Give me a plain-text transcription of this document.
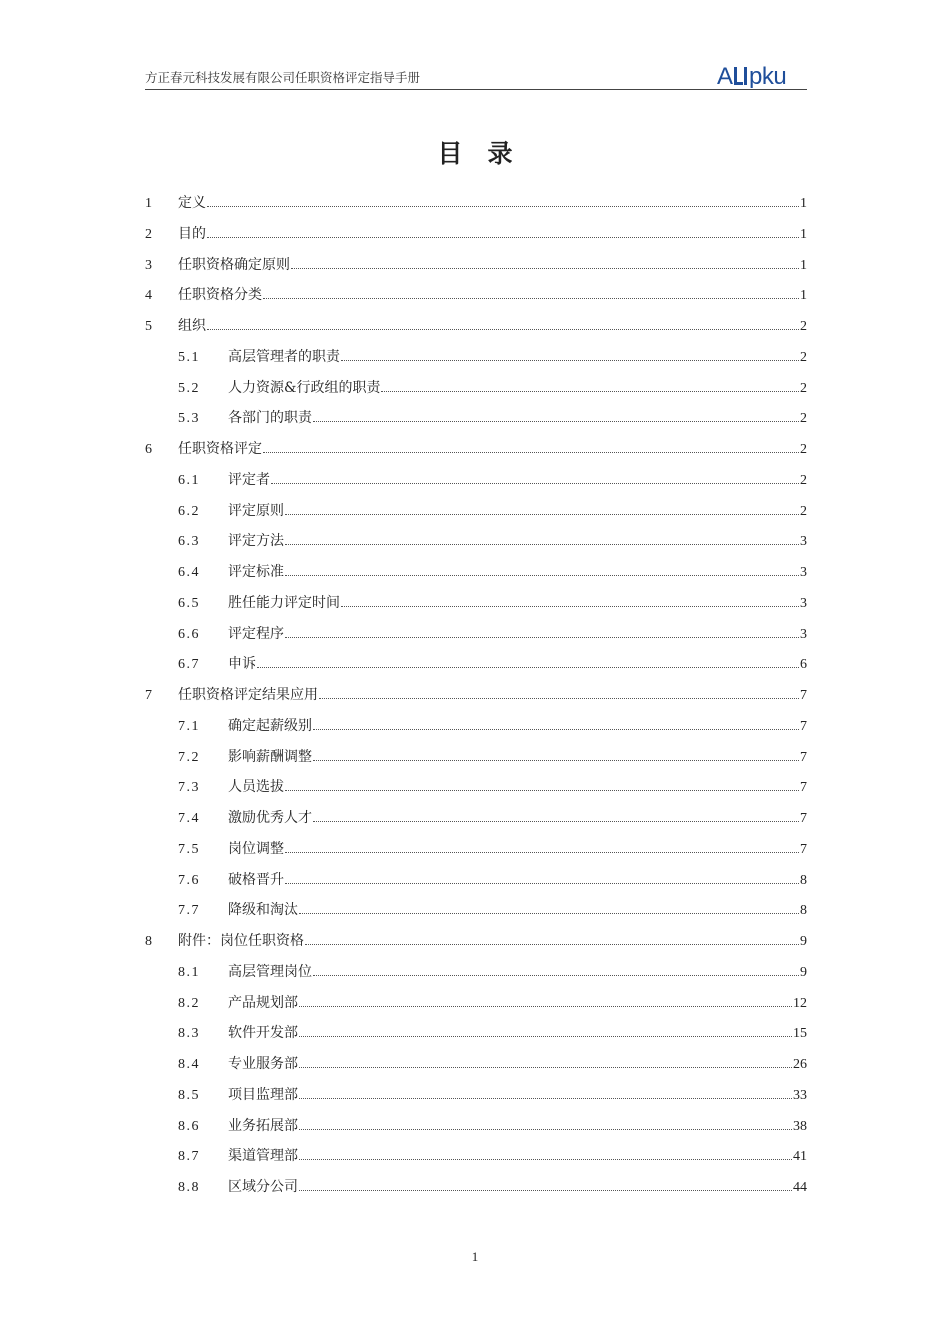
方正春元科技发展有限公司任职资格评定指导手册	A pku
目　录
1	定义	1
2	目的	1
3	任职资格确定原则	1
4	任职资格分类	1
5	组织	2
5.1	高层管理者的职责	2
5.2	人力资源&行政组的职责	2
5.3	各部门的职责	2
6	任职资格评定	2
6.1	评定者	2
6.2	评定原则	2
6.3	评定方法	3
6.4	评定标准	3
6.5	胜任能力评定时间	3
6.6	评定程序	3
6.7	申诉	6
7	任职资格评定结果应用	7
7.1	确定起薪级别	7
7.2	影响薪酬调整	7
7.3	人员选拔	7
7.4	激励优秀人才	7
7.5	岗位调整	7
7.6	破格晋升	8
7.7	降级和淘汰	8
8	附件：岗位任职资格	9
8.1	高层管理岗位	9
8.2	产品规划部	12
8.3	软件开发部	15
8.4	专业服务部	26
8.5	项目监理部	33
8.6	业务拓展部	38
8.7	渠道管理部	41
8.8	区域分公司	44
1
